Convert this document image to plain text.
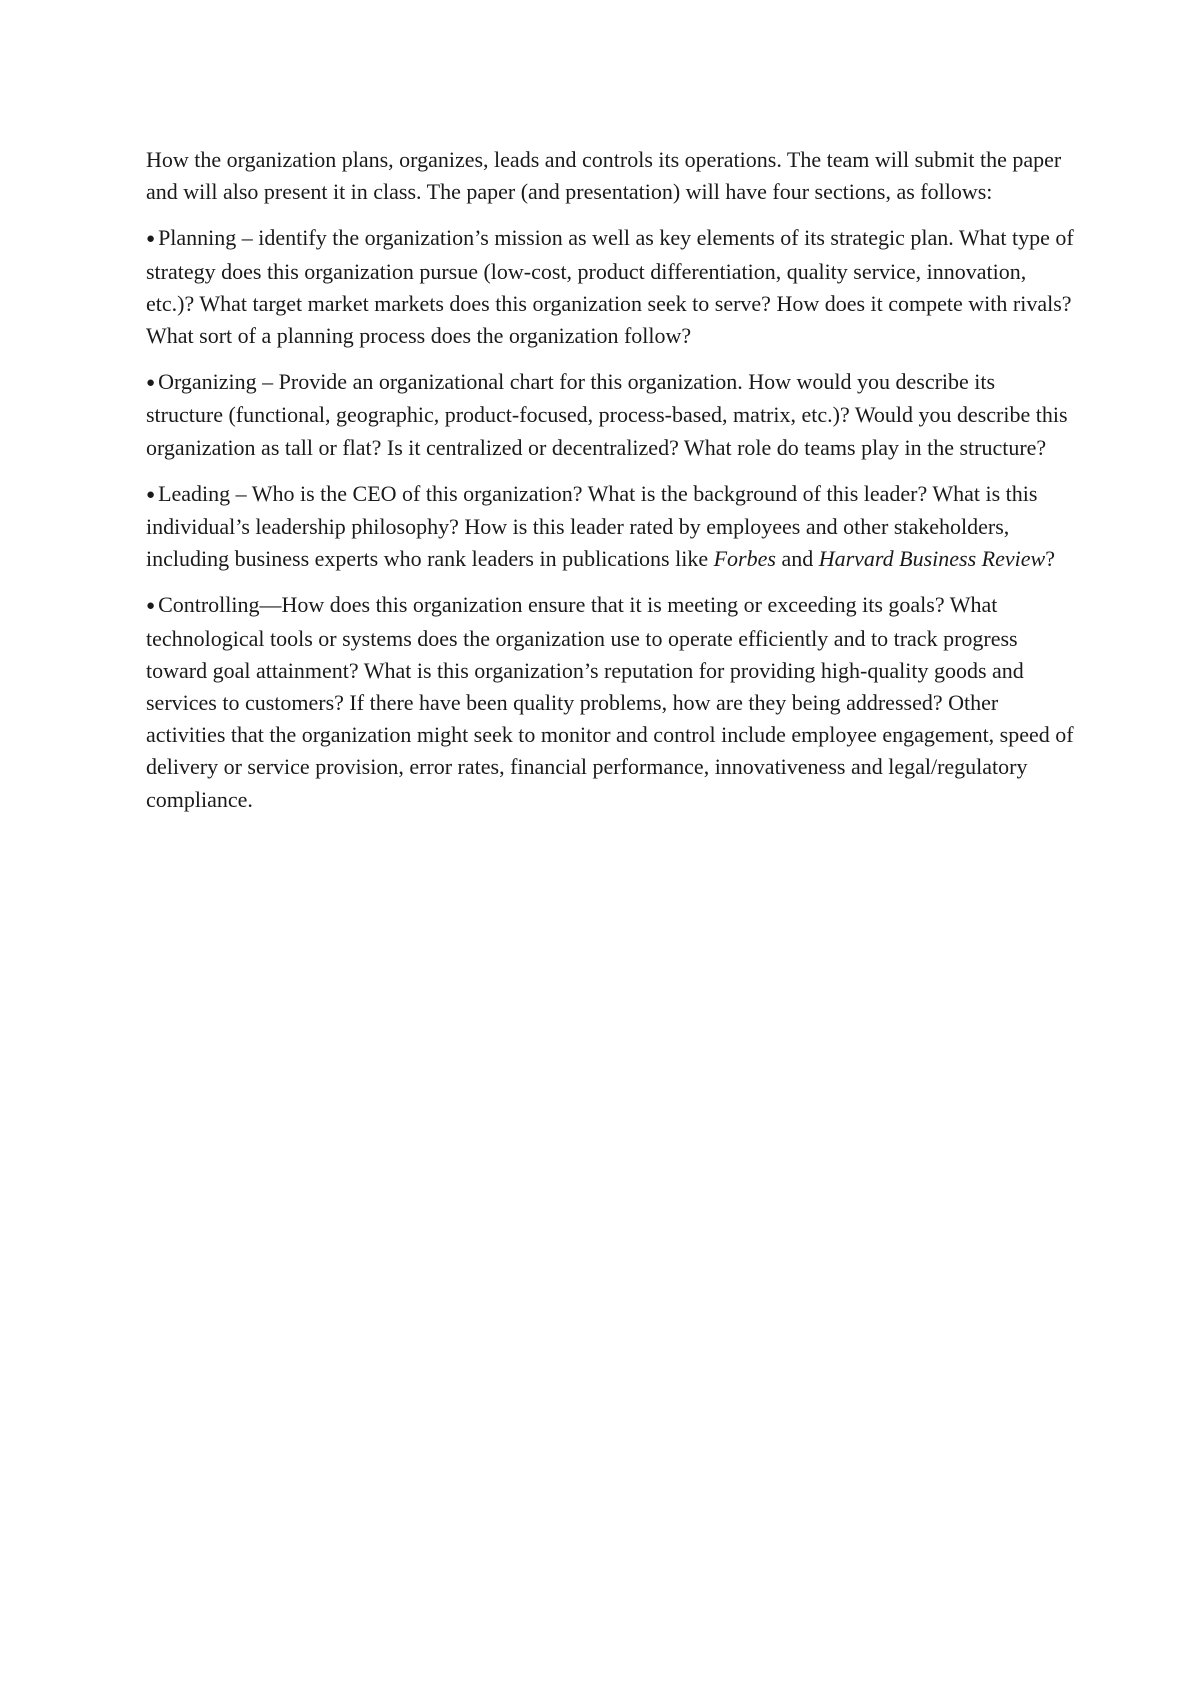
How the organization plans, organizes, leads and controls its operations. The team will submit the paper and will also present it in class. The paper (and presentation) will have four sections, as follows:

● Planning – identify the organization’s mission as well as key elements of its strategic plan. What type of strategy does this organization pursue (low-cost, product differentiation, quality service, innovation, etc.)? What target market markets does this organization seek to serve? How does it compete with rivals? What sort of a planning process does the organization follow?

● Organizing – Provide an organizational chart for this organization. How would you describe its structure (functional, geographic, product-focused, process-based, matrix, etc.)? Would you describe this organization as tall or flat? Is it centralized or decentralized? What role do teams play in the structure?

● Leading – Who is the CEO of this organization? What is the background of this leader? What is this individual’s leadership philosophy? How is this leader rated by employees and other stakeholders, including business experts who rank leaders in publications like Forbes and Harvard Business Review?

● Controlling—How does this organization ensure that it is meeting or exceeding its goals? What technological tools or systems does the organization use to operate efficiently and to track progress toward goal attainment? What is this organization’s reputation for providing high-quality goods and services to customers? If there have been quality problems, how are they being addressed? Other activities that the organization might seek to monitor and control include employee engagement, speed of delivery or service provision, error rates, financial performance, innovativeness and legal/regulatory compliance.
